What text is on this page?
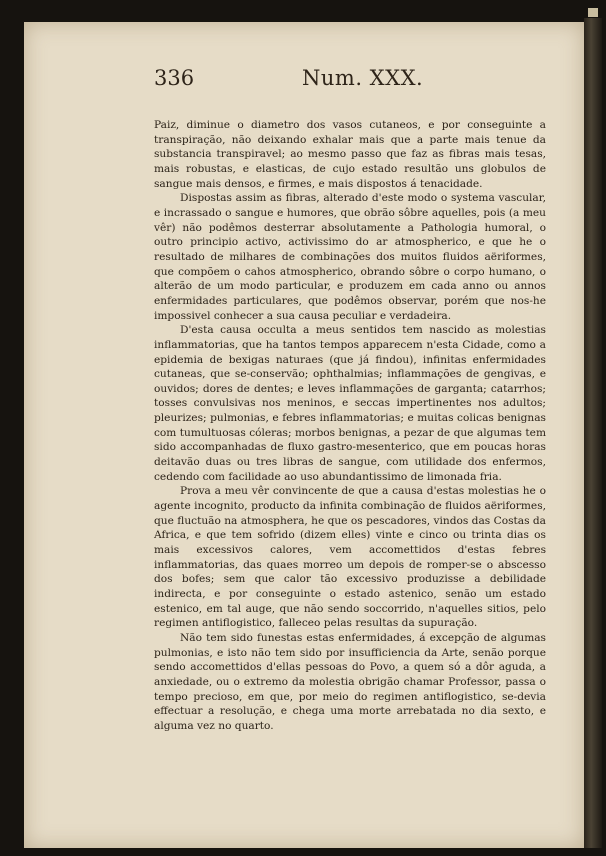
336	Num. XXX.

Paiz, diminue o diametro dos vasos cutaneos, e por conseguinte a transpiração, não deixando exhalar mais que a parte mais tenue da substancia transpiravel; ao mesmo passo que faz as fibras mais tesas, mais robustas, e elasticas, de cujo estado resultão uns globulos de sangue mais densos, e firmes, e mais dispostos á tenacidade.

Dispostas assim as fibras, alterado d'este modo o systema vascular, e incrassado o sangue e humores, que obrão sôbre aquelles, pois (a meu vêr) não podêmos desterrar absolutamente a Pathologia humoral, o outro principio activo, activissimo do ar atmospherico, e que he o resultado de milhares de combinações dos muitos fluidos aëriformes, que compõem o cahos atmospherico, obrando sôbre o corpo humano, o alterão de um modo particular, e produzem em cada anno ou annos enfermidades particulares, que podêmos observar, porém que nos-he impossivel conhecer a sua causa peculiar e verdadeira.

D'esta causa occulta a meus sentidos tem nascido as molestias inflammatorias, que ha tantos tempos apparecem n'esta Cidade, como a epidemia de bexigas naturaes (que já findou), infinitas enfermidades cutaneas, que se-conservão; ophthalmias; inflammações de gengivas, e ouvidos; dores de dentes; e leves inflammações de garganta; catarrhos; tosses convulsivas nos meninos, e seccas impertinentes nos adultos; pleurizes; pulmonias, e febres inflammatorias; e muitas colicas benignas com tumultuosas cóleras; morbos benignas, a pezar de que algumas tem sido accompanhadas de fluxo gastro-mesenterico, que em poucas horas deitavão duas ou tres libras de sangue, com utilidade dos enfermos, cedendo com facilidade ao uso abundantissimo de limonada fria.

Prova a meu vêr convincente de que a causa d'estas molestias he o agente incognito, producto da infinita combinação de fluidos aëriformes, que fluctuão na atmosphera, he que os pescadores, vindos das Costas da Africa, e que tem sofrido (dizem elles) vinte e cinco ou trinta dias os mais excessivos calores, vem accomettidos d'estas febres inflammatorias, das quaes morreo um depois de romper-se o abscesso dos bofes; sem que calor tão excessivo produzisse a debilidade indirecta, e por conseguinte o estado astenico, senão um estado estenico, em tal auge, que não sendo soccorrido, n'aquelles sitios, pelo regimen antiflogistico, falleceo pelas resultas da supuração.

Não tem sido funestas estas enfermidades, á excepção de algumas pulmonias, e isto não tem sido por insufficiencia da Arte, senão porque sendo accomettidos d'ellas pessoas do Povo, a quem só a dôr aguda, a anxiedade, ou o extremo da molestia obrigão chamar Professor, passa o tempo precioso, em que, por meio do regimen antiflogistico, se-devia effectuar a resolução, e chega uma morte arrebatada no dia sexto, e alguma vez no quarto.
